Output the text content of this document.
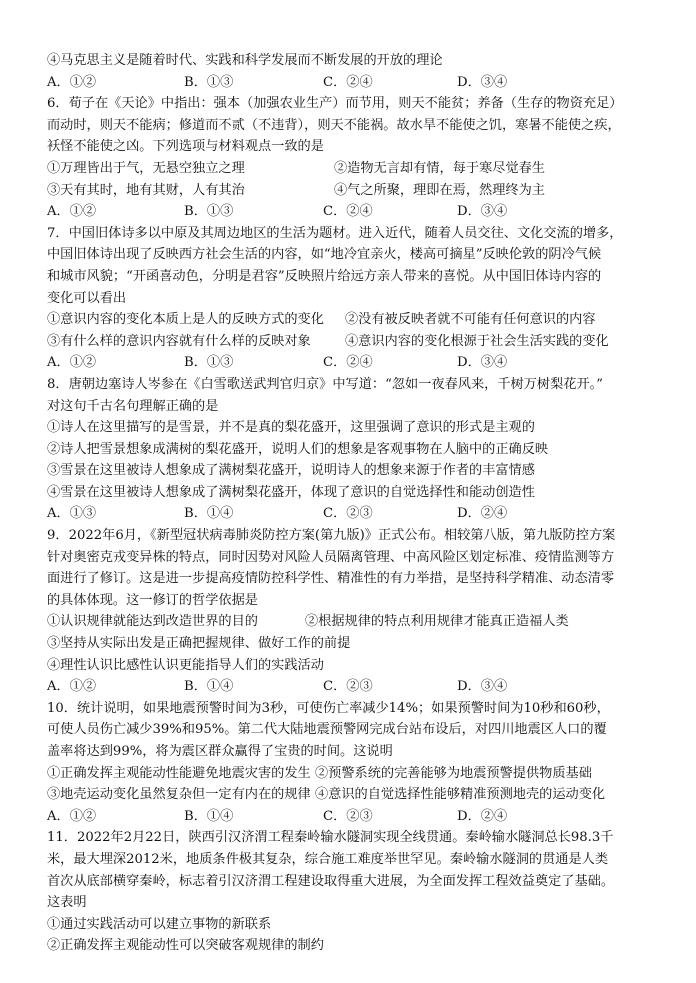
④马克思主义是随着时代、实践和科学发展而不断发展的开放的理论
A．①②	B．①③	C．②④	D．③④
6．荀子在《天论》中指出：强本（加强农业生产）而节用，则天不能贫；养备（生存的物资充足）
而动时，则天不能病；修道而不贰（不违背），则天不能祸。故水旱不能使之饥，寒暑不能使之疾，
袄怪不能使之凶。下列选项与材料观点一致的是
①万理皆出于气，无悬空独立之理	②造物无言却有情，每于寒尽觉春生
③天有其时，地有其财，人有其治	④气之所聚，理即在焉，然理终为主
A．①②	B．①③	C．②④	D．③④
7．中国旧体诗多以中原及其周边地区的生活为题材。进入近代，随着人员交往、文化交流的增多，
中国旧体诗出现了反映西方社会生活的内容，如“地冷宜亲火，楼高可摘星”反映伦敦的阴冷气候
和城市风貌；“开函喜动色，分明是君容”反映照片给远方亲人带来的喜悦。从中国旧体诗内容的
变化可以看出
①意识内容的变化本质上是人的反映方式的变化	②没有被反映者就不可能有任何意识的内容
③有什么样的意识内容就有什么样的反映对象	④意识内容的变化根源于社会生活实践的变化
A．①②	B．①③	C．②④	D．③④
8．唐朝边塞诗人岑参在《白雪歌送武判官归京》中写道：“忽如一夜春风来，千树万树梨花开。”
对这句千古名句理解正确的是
①诗人在这里描写的是雪景，并不是真的梨花盛开，这里强调了意识的形式是主观的
②诗人把雪景想象成满树的梨花盛开，说明人们的想象是客观事物在人脑中的正确反映
③雪景在这里被诗人想象成了满树梨花盛开，说明诗人的想象来源于作者的丰富情感
④雪景在这里被诗人想象成了满树梨花盛开，体现了意识的自觉选择性和能动创造性
A．①③	B．①④	C．②③	D．②④
9．2022年6月，《新型冠状病毒肺炎防控方案(第九版)》正式公布。相较第八版，第九版防控方案
针对奥密克戎变异株的特点，同时因势对风险人员隔离管理、中高风险区划定标准、疫情监测等方
面进行了修订。这是进一步提高疫情防控科学性、精准性的有力举措，是坚持科学精准、动态清零
的具体体现。这一修订的哲学依据是
①认识规律就能达到改造世界的目的	②根据规律的特点利用规律才能真正造福人类
③坚持从实际出发是正确把握规律、做好工作的前提
④理性认识比感性认识更能指导人们的实践活动
A．①②	B．①④	C．②③	D．③④
10．统计说明，如果地震预警时间为3秒，可使伤亡率减少14%；如果预警时间为10秒和60秒，
可使人员伤亡减少39%和95%。第二代大陆地震预警网完成台站布设后，对四川地震区人口的覆
盖率将达到99%，将为震区群众赢得了宝贵的时间。这说明
①正确发挥主观能动性能避免地震灾害的发生 ②预警系统的完善能够为地震预警提供物质基础
③地壳运动变化虽然复杂但一定有内在的规律 ④意识的自觉选择性能够精准预测地壳的运动变化
A．①②	B．①④	C．②③	D．②④
11．2022年2月22日，陕西引汉济渭工程秦岭输水隧洞实现全线贯通。秦岭输水隧洞总长98.3千
米，最大埋深2012米，地质条件极其复杂，综合施工难度举世罕见。秦岭输水隧洞的贯通是人类
首次从底部横穿秦岭，标志着引汉济渭工程建设取得重大进展，为全面发挥工程效益奠定了基础。
这表明
①通过实践活动可以建立事物的新联系
②正确发挥主观能动性可以突破客观规律的制约
